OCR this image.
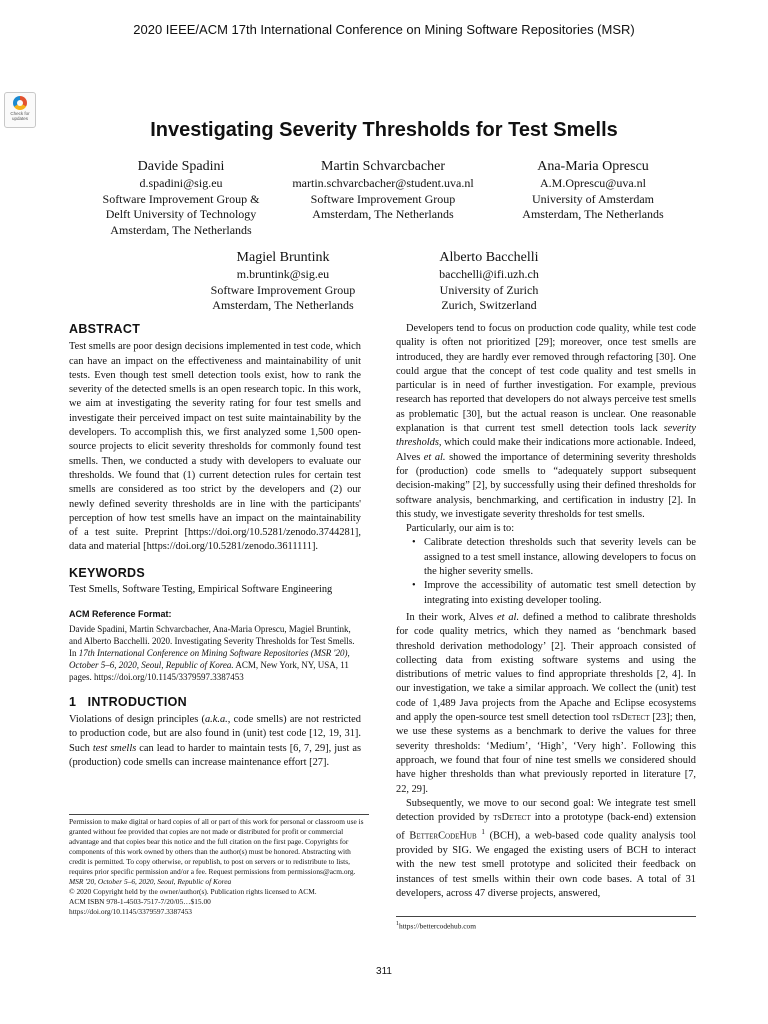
2020 IEEE/ACM 17th International Conference on Mining Software Repositories (MSR)
Check for
updates
Investigating Severity Thresholds for Test Smells
Davide Spadini
d.spadini@sig.eu
Software Improvement Group &
Delft University of Technology
Amsterdam, The Netherlands
Martin Schvarcbacher
martin.schvarcbacher@student.uva.nl
Software Improvement Group
Amsterdam, The Netherlands
Ana-Maria Oprescu
A.M.Oprescu@uva.nl
University of Amsterdam
Amsterdam, The Netherlands
Magiel Bruntink
m.bruntink@sig.eu
Software Improvement Group
Amsterdam, The Netherlands
Alberto Bacchelli
bacchelli@ifi.uzh.ch
University of Zurich
Zurich, Switzerland
ABSTRACT

Test smells are poor design decisions implemented in test code, which can have an impact on the effectiveness and maintainability of unit tests. Even though test smell detection tools exist, how to rank the severity of the detected smells is an open research topic. In this work, we aim at investigating the severity rating for four test smells and investigate their perceived impact on test suite maintainability by the developers. To accomplish this, we first analyzed some 1,500 open-source projects to elicit severity thresholds for commonly found test smells. Then, we conducted a study with developers to evaluate our thresholds. We found that (1) current detection rules for certain test smells are considered as too strict by the developers and (2) our newly defined severity thresholds are in line with the participants' perception of how test smells have an impact on the maintainability of a test suite. Preprint [https://doi.org/10.5281/zenodo.3744281], data and material [https://doi.org/10.5281/zenodo.3611111].

KEYWORDS

Test Smells, Software Testing, Empirical Software Engineering

ACM Reference Format:

Davide Spadini, Martin Schvarcbacher, Ana-Maria Oprescu, Magiel Bruntink, and Alberto Bacchelli. 2020. Investigating Severity Thresholds for Test Smells. In 17th International Conference on Mining Software Repositories (MSR '20), October 5–6, 2020, Seoul, Republic of Korea. ACM, New York, NY, USA, 11 pages. https://doi.org/10.1145/3379597.3387453

1   INTRODUCTION

Violations of design principles (a.k.a., code smells) are not restricted to production code, but are also found in (unit) test code [12, 19, 31]. Such test smells can lead to harder to maintain tests [6, 7, 29], just as (production) code smells can increase maintenance effort [27].

Permission to make digital or hard copies of all or part of this work for personal or classroom use is granted without fee provided that copies are not made or distributed for profit or commercial advantage and that copies bear this notice and the full citation on the first page. Copyrights for components of this work owned by others than the author(s) must be honored. Abstracting with credit is permitted. To copy otherwise, or republish, to post on servers or to redistribute to lists, requires prior specific permission and/or a fee. Request permissions from permissions@acm.org.

MSR '20, October 5–6, 2020, Seoul, Republic of Korea

© 2020 Copyright held by the owner/author(s). Publication rights licensed to ACM.

ACM ISBN 978-1-4503-7517-7/20/05…$15.00

https://doi.org/10.1145/3379597.3387453

Developers tend to focus on production code quality, while test code quality is often not prioritized [29]; moreover, once test smells are introduced, they are hardly ever removed through refactoring [30]. One could argue that the concept of test code quality and test smells in particular is in need of further investigation. For example, previous research has reported that developers do not always perceive test smells as problematic [30], but the actual reason is unclear. One reasonable explanation is that current test smell detection tools lack severity thresholds, which could make their indications more actionable. Indeed, Alves et al. showed the importance of determining severity thresholds for (production) code smells to “adequately support subsequent decision-making” [2], by successfully using their defined thresholds for software analysis, benchmarking, and certification in industry [2]. In this study, we investigate severity thresholds for test smells.

Particularly, our aim is to:

• Calibrate detection thresholds such that severity levels can be assigned to a test smell instance, allowing developers to focus on the higher severity smells.
• Improve the accessibility of automatic test smell detection by integrating into existing developer tooling.

In their work, Alves et al. defined a method to calibrate thresholds for code quality metrics, which they named as ‘benchmark based threshold derivation methodology’ [2]. Their approach consisted of collecting data from existing software systems and using the distributions of metric values to find appropriate thresholds [2, 4]. In our investigation, we take a similar approach. We collect the (unit) test code of 1,489 Java projects from the Apache and Eclipse ecosystems and apply the open-source test smell detection tool tsDetect [23]; then, we use these systems as a benchmark to derive the values for three severity thresholds: ‘Medium’, ‘High’, ‘Very high’. Following this approach, we found that four of nine test smells we considered should have higher thresholds than what previously reported in literature [7, 22, 29].

Subsequently, we move to our second goal: We integrate test smell detection provided by tsDetect into a prototype (back-end) extension of BetterCodeHub $^1$ (BCH), a web-based code quality analysis tool provided by SIG. We engaged the existing users of BCH to interact with the new test smell prototype and solicited their feedback on instances of test smells within their own code bases. A total of 31 developers, across 47 diverse projects, answered,

$^1$https://bettercodehub.com
311
